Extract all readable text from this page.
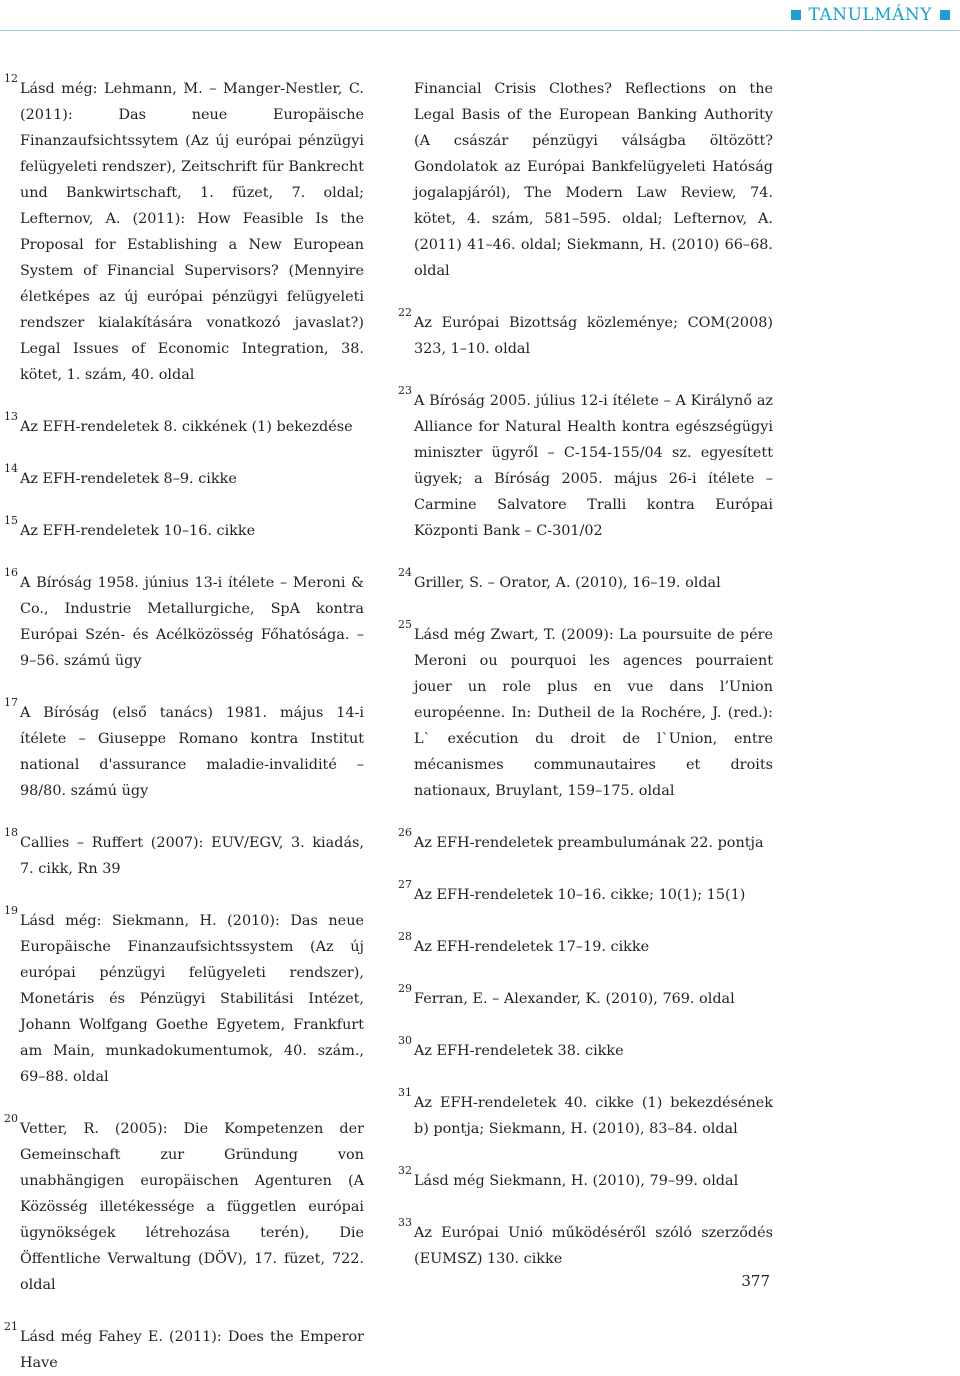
TANULMÁNY
12
Lásd még: Lehmann, M. – Manger-Nestler, C. (2011): Das neue Europäische Finanzaufsichtssytem (Az új európai pénzügyi felügyeleti rendszer), Zeitschrift für Bankrecht und Bankwirtschaft, 1. füzet, 7. oldal; Lefternov, A. (2011): How Feasible Is the Proposal for Establishing a New European System of Financial Supervisors? (Mennyire életképes az új európai pénzügyi felügyeleti rendszer kialakítására vonatkozó javaslat?) Legal Issues of Economic Integration, 38. kötet, 1. szám, 40. oldal
13
Az EFH-rendeletek 8. cikkének (1) bekezdése
14
Az EFH-rendeletek 8–9. cikke
15
Az EFH-rendeletek 10–16. cikke
16
A Bíróság 1958. június 13-i ítélete – Meroni & Co., Industrie Metallurgiche, SpA kontra Európai Szén- és Acélközösség Főhatósága. – 9–56. számú ügy
17
A Bíróság (első tanács) 1981. május 14-i ítélete – Giuseppe Romano kontra Institut national d'assurance maladie-invalidité – 98/80. számú ügy
18
Callies – Ruffert (2007): EUV/EGV, 3. kiadás, 7. cikk, Rn 39
19
Lásd még: Siekmann, H. (2010): Das neue Europäische Finanzaufsichtssystem (Az új európai pénzügyi felügyeleti rendszer), Monetáris és Pénzügyi Stabilitási Intézet, Johann Wolfgang Goethe Egyetem, Frankfurt am Main, munkadokumentumok, 40. szám., 69–88. oldal
20
Vetter, R. (2005): Die Kompetenzen der Gemeinschaft zur Gründung von unabhängigen europäischen Agenturen (A Közösség illetékessége a független európai ügynökségek létrehozása terén), Die Öffentliche Verwaltung (DÖV), 17. füzet, 722. oldal
21
Lásd még Fahey E. (2011): Does the Emperor Have
Financial Crisis Clothes? Reflections on the Legal Basis of the European Banking Authority (A császár pénzügyi válságba öltözött? Gondolatok az Európai Bankfelügyeleti Hatóság jogalapjáról), The Modern Law Review, 74. kötet, 4. szám, 581–595. oldal; Lefternov, A. (2011) 41–46. oldal; Siekmann, H. (2010) 66–68. oldal
22
Az Európai Bizottság közleménye; COM(2008) 323, 1–10. oldal
23
A Bíróság 2005. július 12-i ítélete – A Királynő az Alliance for Natural Health kontra egészségügyi miniszter ügyről – C-154-155/04 sz. egyesített ügyek; a Bíróság 2005. május 26-i ítélete – Carmine Salvatore Tralli kontra Európai Központi Bank – C-301/02
24
Griller, S. – Orator, A. (2010), 16–19. oldal
25
Lásd még Zwart, T. (2009): La poursuite de pére Meroni ou pourquoi les agences pourraient jouer un role plus en vue dans l’Union européenne. In: Dutheil de la Rochére, J. (red.): L` exécution du droit de l`Union, entre mécanismes communautaires et droits nationaux, Bruylant, 159–175. oldal
26
Az EFH-rendeletek preambulumának 22. pontja
27
Az EFH-rendeletek 10–16. cikke; 10(1); 15(1)
28
Az EFH-rendeletek 17–19. cikke
29
Ferran, E. – Alexander, K. (2010), 769. oldal
30
Az EFH-rendeletek 38. cikke
31
Az EFH-rendeletek 40. cikke (1) bekezdésének b) pontja; Siekmann, H. (2010), 83–84. oldal
32
Lásd még Siekmann, H. (2010), 79–99. oldal
33
Az Európai Unió működéséről szóló szerződés (EUMSZ) 130. cikke
377
